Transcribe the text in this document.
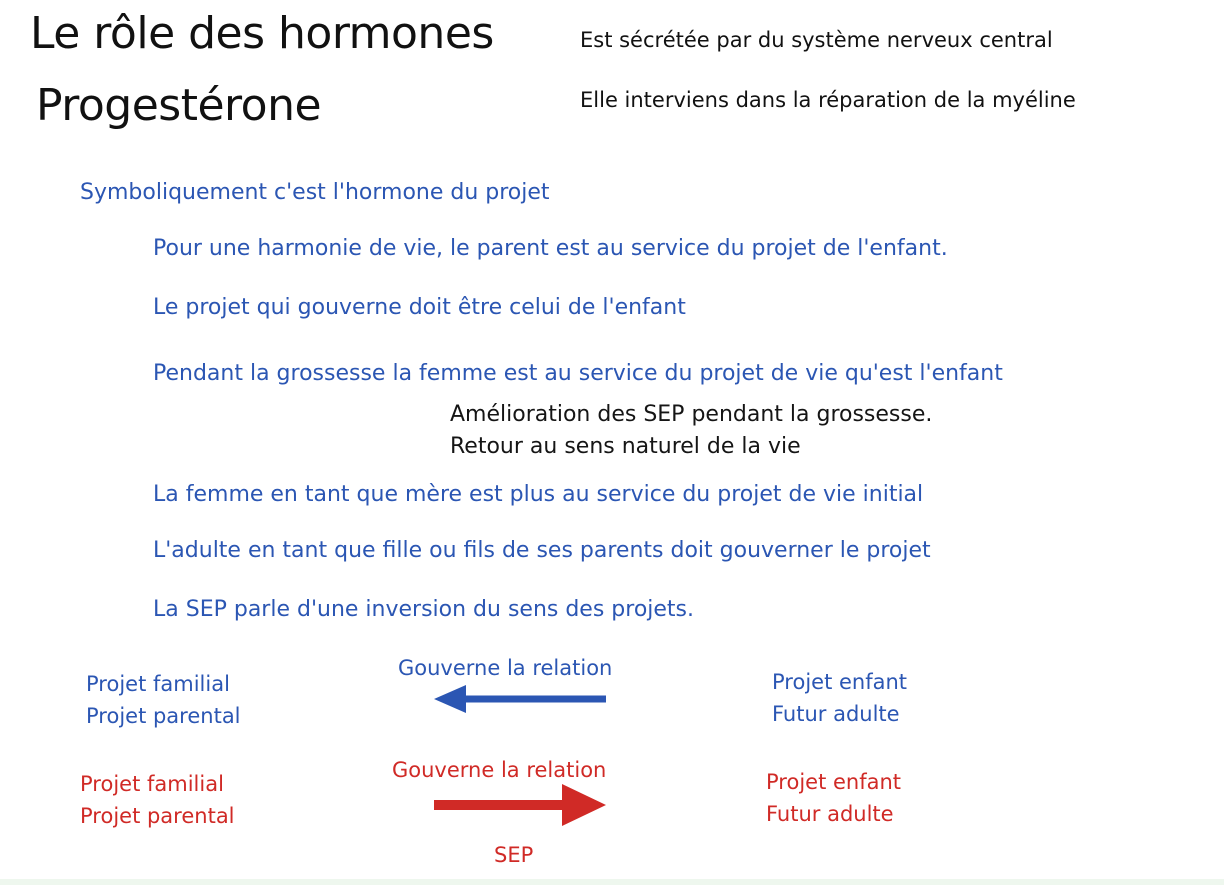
Le rôle des hormones
Progestérone
Est sécrétée par du système nerveux central
Elle interviens dans la réparation de la myéline
Symboliquement c'est l'hormone du projet
Pour une harmonie de vie, le parent est au service du projet de l'enfant.
Le projet qui gouverne doit être celui de l'enfant
Pendant la grossesse la femme est au service du projet de vie qu'est l'enfant
Amélioration des SEP pendant la grossesse.
Retour au sens naturel de la vie
La femme en tant que mère est plus au service du projet de vie initial
L'adulte en tant que fille ou fils de ses parents doit gouverner le projet
La SEP parle d'une inversion du sens des projets.
Projet familial
Projet parental
Gouverne la relation
Projet enfant
Futur adulte
Projet familial
Projet parental
Gouverne la relation	Projet enfant
Futur adulte
SEP
